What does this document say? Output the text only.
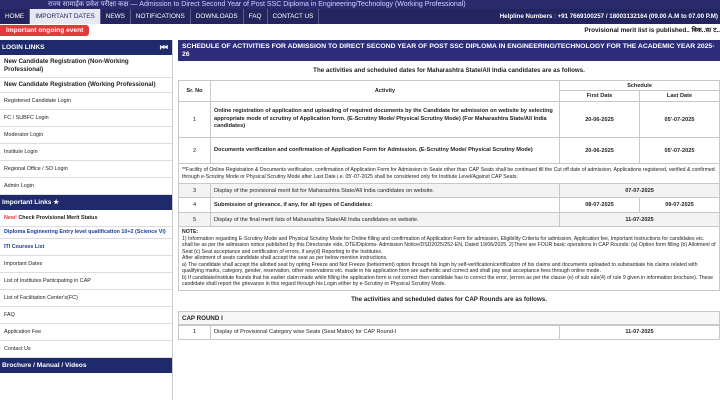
राज्य सामाईक प्रवेश परीक्षा कक्ष — Admission to Direct Second Year of Post SSC Diploma in Engineering/Technology (Working Professional)
HOME	IMPORTANT DATES	NEWS	NOTIFICATIONS	DOWNLOADS	FAQ	CONTACT US	Helpline Numbers : +91 7669100257 / 18003132164 (09.00 A.M to 07.00 P.M)
Important ongoing event	Provisional merit list is published.. बिक..स/ ट..
LOGIN LINKS	⏮
New Candidate Registration (Non-Working Professional)
New Candidate Registration (Working Professional)
Registered Candidate Login
FC / SUBFC Login
Moderator Login
Institute Login
Regional Office / SO Login
Admin Login
Important Links ★
New! Check Provisional Merit Status
Diploma Engineering Entry level qualification 10+2 (Science VI)
ITI Courses List
Important Dates
List of Institutes Participating in CAP
List of Facilitation Center's(FC)
FAQ
Application Fee
Contact Us
Brochure / Manual / Videos
SCHEDULE OF ACTIVITIES FOR ADMISSION TO DIRECT SECOND YEAR OF POST SSC DIPLOMA IN ENGINEERING/TECHNOLOGY FOR THE ACADEMIC YEAR 2025-26
The activities and scheduled dates for Maharashtra State/All India candidates are as follows.
Sr. No	Activity	Schedule	
		First Date	Last Date
1	Online registration of application and uploading of required documents by the Candidate for admission on website by selecting appropriate mode of scrutiny of Application form. (E-Scrutiny Mode/ Physical Scrutiny Mode) (For Maharashtra State/All India candidates)	20-06-2025	05'-07-2025
2	Documents verification and confirmation of Application Form for Admission. (E-Scrutiny Mode/ Physical Scrutiny Mode)	20-06-2025	05'-07-2025
**Facility of Online Registration & Documents verification, confirmation of Application Form for Admission to Seats other than CAP Seats shall be continued till the Cut off date of admission. Applications registered, verified & confirmed through e-Scrutiny Mode or Physical Scrutiny Mode after Last Date i.e. 05'-07-2025 shall be considered only for Institute Level/Against CAP Seats.			
3	Display of the provisional merit list for Maharashtra State/All India candidates on website.	07-07-2025	
4	Submission of grievance, if any, for all types of Candidates:	08-07-2025	09-07-2025
5	Display of the final merit lists of Maharashtra State/All India candidates on website.	11-07-2025	
NOTE:
1) Information regarding E-Scrutiny Mode and Physical Scrutiny Mode for Online filling and confirmation of Application Form for admission, Eligibility Criteria for admission, Application fee, Important Instructions for candidates etc. shall be as per the admission notice published by this Directorate vide, DTE/Diploma- Admission Notice/DSD2025/252-EN, Dated 19/06/2025. 2)There are FOUR basic operations in CAP Rounds: (a) Option form filling (b) Allotment of Seat (c) Seat acceptance and certification of errors, if any(d) Reporting to the Institutes.
After allotment of seats candidate shall accept the seat as per below mention instructions.
a) The candidate shall accept the allotted seat by opting Freeze and Not Freeze (betterment) option through his login by self-verification/certification of his claims and documents uploaded to substantiate his claims related with qualifying marks, category, gender, reservation, other reservations etc. made in his application form are authentic and correct and shall pay seat acceptance fees through online mode.
b) If candidate/institute founds that his earlier claim made while filling the application form is not correct then candidate has to correct the error, (errors as per the clause (e) of sub rule(4) of rule 9 given in information brochure). These candidate shall report the grievance in this regard through his Login either by e-Scrutiny or Physical Scrutiny Mode.
The activities and scheduled dates for CAP Rounds are as follows.
CAP ROUND I
1	Display of Provisional Category wise Seats (Seat Matrix) for CAP Round-I	11-07-2025
